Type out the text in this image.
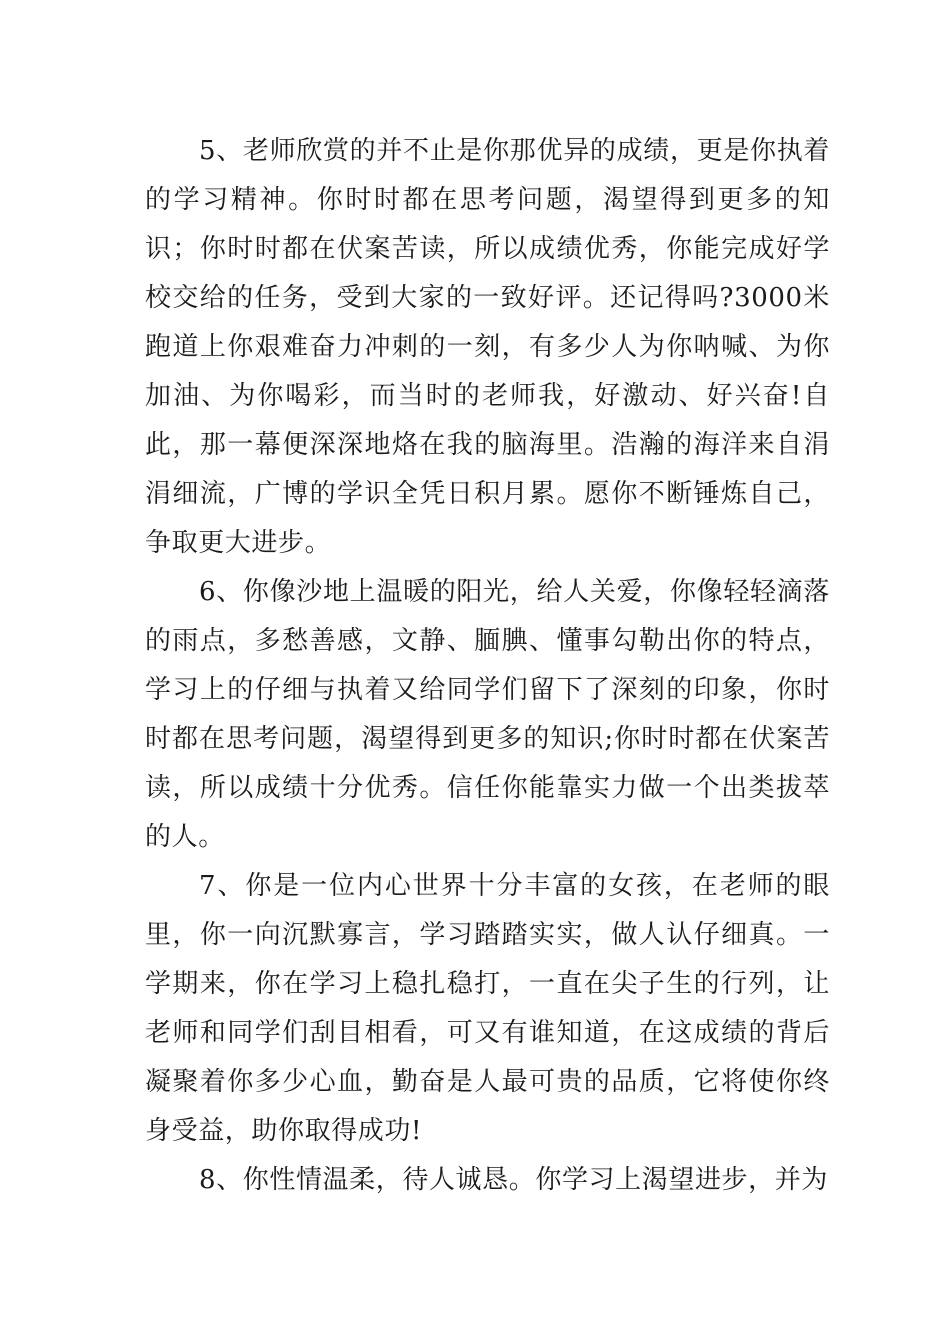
5、老师欣赏的并不止是你那优异的成绩，更是你执着的学习精神。你时时都在思考问题，渴望得到更多的知识；你时时都在伏案苦读，所以成绩优秀，你能完成好学校交给的任务，受到大家的一致好评。还记得吗?3000米跑道上你艰难奋力冲刺的一刻，有多少人为你呐喊、为你加油、为你喝彩，而当时的老师我，好激动、好兴奋!自此，那一幕便深深地烙在我的脑海里。浩瀚的海洋来自涓涓细流，广博的学识全凭日积月累。愿你不断锤炼自己，争取更大进步。

6、你像沙地上温暖的阳光，给人关爱，你像轻轻滴落的雨点，多愁善感，文静、腼腆、懂事勾勒出你的特点，学习上的仔细与执着又给同学们留下了深刻的印象，你时时都在思考问题，渴望得到更多的知识;你时时都在伏案苦读，所以成绩十分优秀。信任你能靠实力做一个出类拔萃的人。

7、你是一位内心世界十分丰富的女孩，在老师的眼里，你一向沉默寡言，学习踏踏实实，做人认仔细真。一学期来，你在学习上稳扎稳打，一直在尖子生的行列，让老师和同学们刮目相看，可又有谁知道，在这成绩的背后凝聚着你多少心血，勤奋是人最可贵的品质，它将使你终身受益，助你取得成功!

8、你性情温柔，待人诚恳。你学习上渴望进步，并为
